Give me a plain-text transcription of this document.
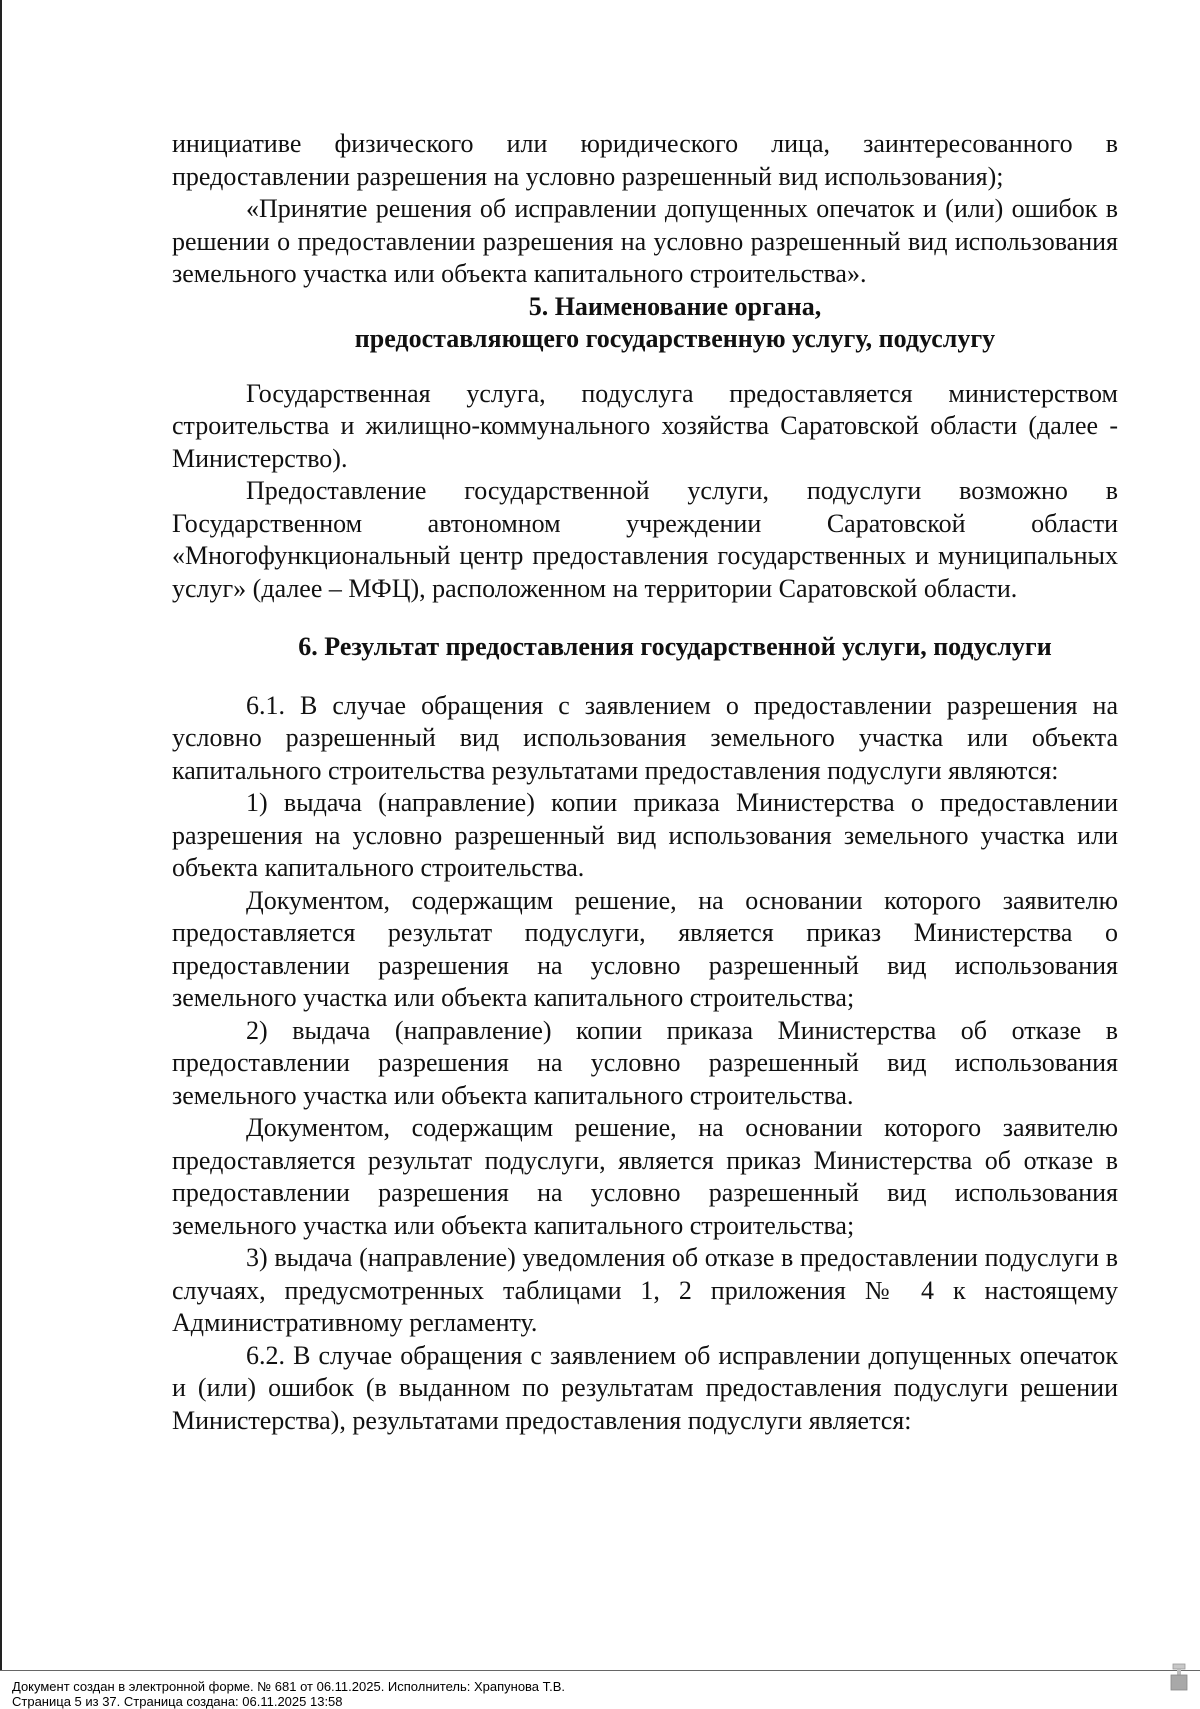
инициативе физического или юридического лица, заинтересованного в предоставлении разрешения на условно разрешенный вид использования);

«Принятие решения об исправлении допущенных опечаток и (или) ошибок в решении о предоставлении разрешения на условно разрешенный вид использования земельного участка или объекта капитального строительства».

5. Наименование органа,
предоставляющего государственную услугу, подуслугу

Государственная услуга, подуслуга предоставляется министерством строительства и жилищно-коммунального хозяйства Саратовской области (далее - Министерство).

Предоставление государственной услуги, подуслуги возможно в Государственном автономном учреждении Саратовской области «Многофункциональный центр предоставления государственных и муниципальных услуг» (далее – МФЦ), расположенном на территории Саратовской области.

6. Результат предоставления государственной услуги, подуслуги

6.1. В случае обращения с заявлением о предоставлении разрешения на условно разрешенный вид использования земельного участка или объекта капитального строительства результатами предоставления подуслуги являются:

1) выдача (направление) копии приказа Министерства о предоставлении разрешения на условно разрешенный вид использования земельного участка или объекта капитального строительства.

Документом, содержащим решение, на основании которого заявителю предоставляется результат подуслуги, является приказ Министерства о предоставлении разрешения на условно разрешенный вид использования земельного участка или объекта капитального строительства;

2) выдача (направление) копии приказа Министерства об отказе в предоставлении разрешения на условно разрешенный вид использования земельного участка или объекта капитального строительства.

Документом, содержащим решение, на основании которого заявителю предоставляется результат подуслуги, является приказ Министерства об отказе в предоставлении разрешения на условно разрешенный вид использования земельного участка или объекта капитального строительства;

3) выдача (направление) уведомления об отказе в предоставлении подуслуги в случаях, предусмотренных таблицами 1, 2 приложения № 4 к настоящему Административному регламенту.

6.2. В случае обращения с заявлением об исправлении допущенных опечаток и (или) ошибок (в выданном по результатам предоставления подуслуги решении Министерства), результатами предоставления подуслуги является:

Документ создан в электронной форме. № 681 от 06.11.2025. Исполнитель: Храпунова Т.В.
Страница 5 из 37. Страница создана: 06.11.2025 13:58
